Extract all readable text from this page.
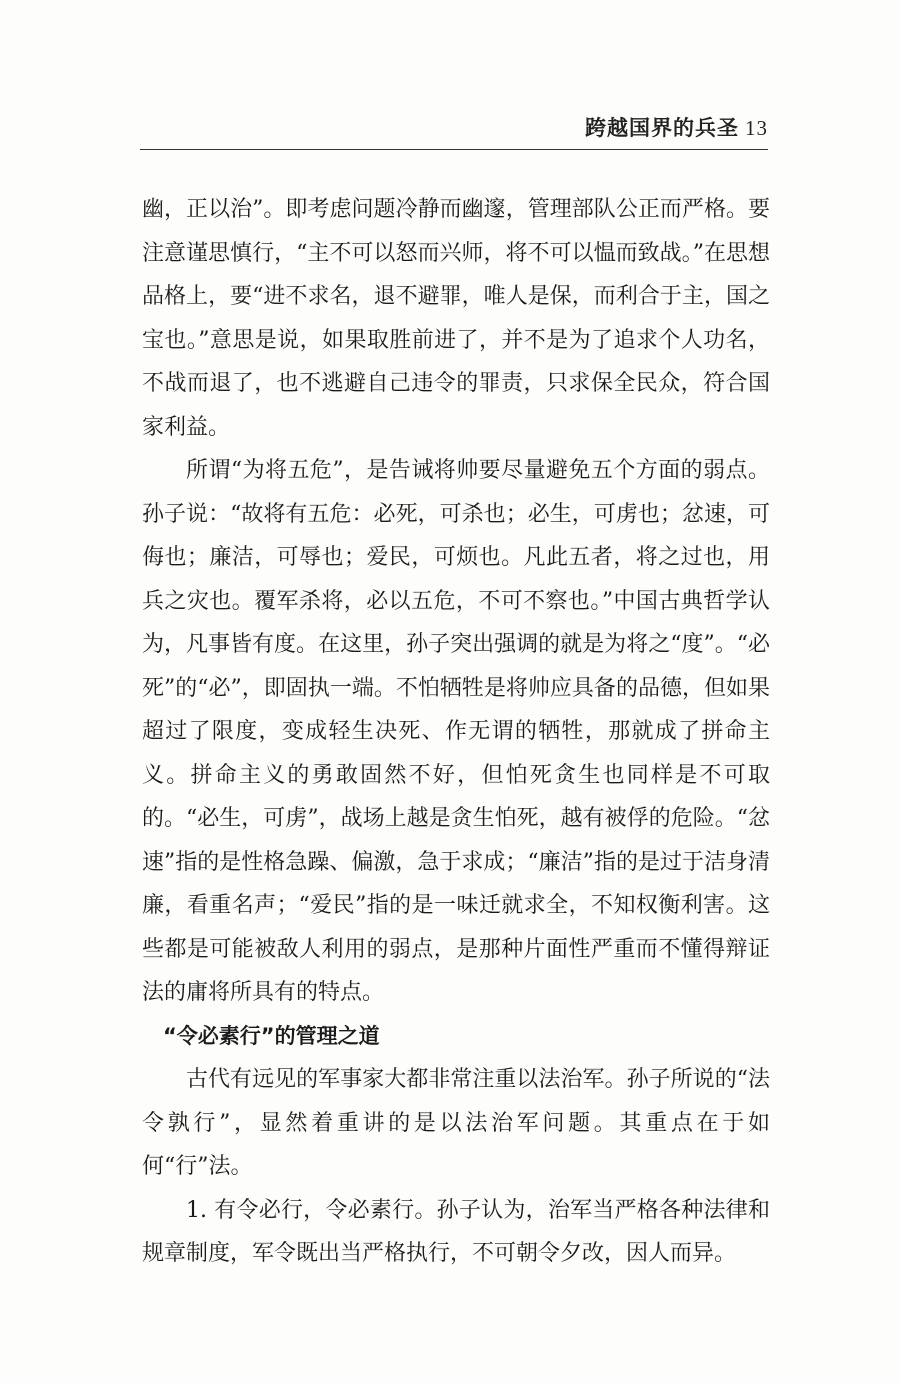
跨越国界的兵圣 13

幽，正以治”。即考虑问题冷静而幽邃，管理部队公正而严格。要注意谨思慎行，“主不可以怒而兴师，将不可以愠而致战。”在思想品格上，要“进不求名，退不避罪，唯人是保，而利合于主，国之宝也。”意思是说，如果取胜前进了，并不是为了追求个人功名，不战而退了，也不逃避自己违令的罪责，只求保全民众，符合国家利益。

所谓“为将五危”，是告诫将帅要尽量避免五个方面的弱点。孙子说：“故将有五危：必死，可杀也；必生，可虏也；忿速，可侮也；廉洁，可辱也；爱民，可烦也。凡此五者，将之过也，用兵之灾也。覆军杀将，必以五危，不可不察也。”中国古典哲学认为，凡事皆有度。在这里，孙子突出强调的就是为将之“度”。“必死”的“必”，即固执一端。不怕牺牲是将帅应具备的品德，但如果超过了限度，变成轻生决死、作无谓的牺牲，那就成了拼命主义。拼命主义的勇敢固然不好，但怕死贪生也同样是不可取的。“必生，可虏”，战场上越是贪生怕死，越有被俘的危险。“忿速”指的是性格急躁、偏激，急于求成；“廉洁”指的是过于洁身清廉，看重名声；“爱民”指的是一味迁就求全，不知权衡利害。这些都是可能被敌人利用的弱点，是那种片面性严重而不懂得辩证法的庸将所具有的特点。

“令必素行”的管理之道

古代有远见的军事家大都非常注重以法治军。孙子所说的“法令孰行”，显然着重讲的是以法治军问题。其重点在于如何“行”法。

1. 有令必行，令必素行。孙子认为，治军当严格各种法律和规章制度，军令既出当严格执行，不可朝令夕改，因人而异。
